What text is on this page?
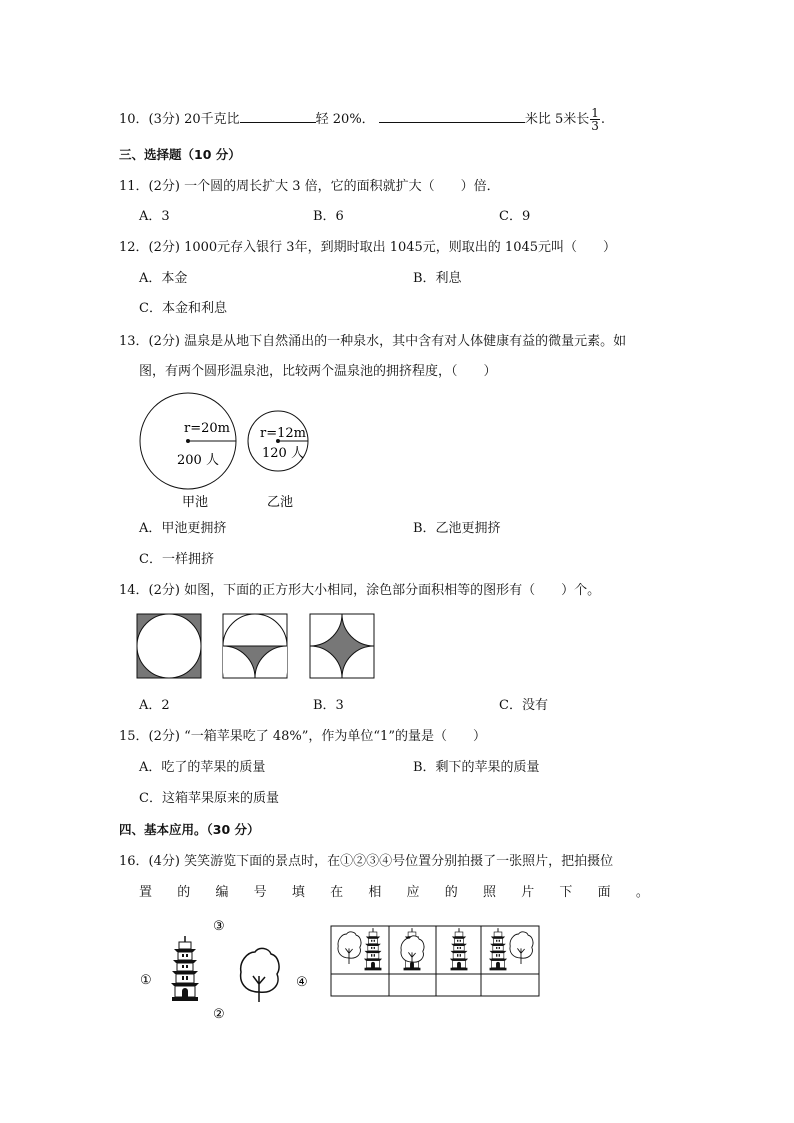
10．(3分) 20千克比	轻 20%．	米比 5米长 $\frac{1}{3}$ .
三、选择题（10 分）
11．(2分) 一个圆的周长扩大 3 倍，它的面积就扩大（　　）倍．
A．3	B．6	C．9
12．(2分) 1000元存入银行 3年，到期时取出 1045元，则取出的 1045元叫（　　）
A．本金	B．利息
C．本金和利息
13．(2分) 温泉是从地下自然涌出的一种泉水，其中含有对人体健康有益的微量元素。如
图，有两个圆形温泉池，比较两个温泉池的拥挤程度，（　　）
r=20m
200 人
r=12m
120 人
甲池	乙池
A．甲池更拥挤	B．乙池更拥挤
C．一样拥挤
14．(2分) 如图，下面的正方形大小相同，涂色部分面积相等的图形有（　　）个。
A．2	B．3	C．没有
15．(2分) “一箱苹果吃了 48%”，作为单位“1”的量是（　　）
A．吃了的苹果的质量	B．剩下的苹果的质量
C．这箱苹果原来的质量
四、基本应用。（30 分）
16．(4分) 笑笑游览下面的景点时，在①②③④号位置分别拍摄了一张照片，把拍摄位
置 的 编 号 填 在 相 应 的 照 片 下 面 。
①
③
②
④
